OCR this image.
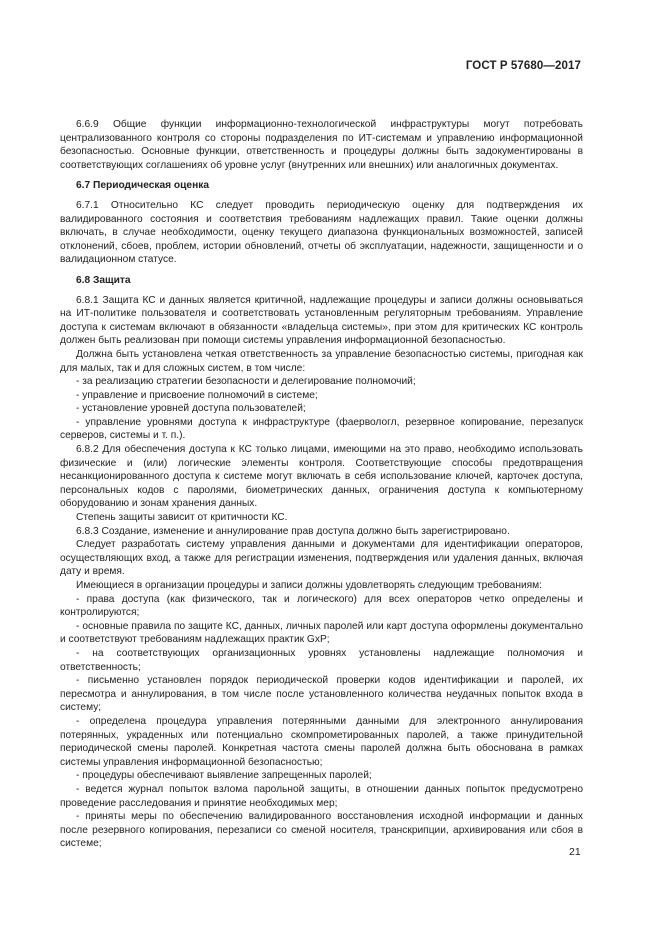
ГОСТ Р 57680—2017

6.6.9 Общие функции информационно-технологической инфраструктуры могут потребовать централизованного контроля со стороны подразделения по ИТ-системам и управлению информационной безопасностью. Основные функции, ответственность и процедуры должны быть задокументированы в соответствующих соглашениях об уровне услуг (внутренних или внешних) или аналогичных документах.

6.7 Периодическая оценка

6.7.1 Относительно КС следует проводить периодическую оценку для подтверждения их валидированного состояния и соответствия требованиям надлежащих правил. Такие оценки должны включать, в случае необходимости, оценку текущего диапазона функциональных возможностей, записей отклонений, сбоев, проблем, истории обновлений, отчеты об эксплуатации, надежности, защищенности и о валидационном статусе.

6.8 Защита

6.8.1 Защита КС и данных является критичной, надлежащие процедуры и записи должны основываться на ИТ-политике пользователя и соответствовать установленным регуляторным требованиям. Управление доступа к системам включают в обязанности «владельца системы», при этом для критических КС контроль должен быть реализован при помощи системы управления информационной безопасностью.

Должна быть установлена четкая ответственность за управление безопасностью системы, пригодная как для малых, так и для сложных систем, в том числе:

- за реализацию стратегии безопасности и делегирование полномочий;

- управление и присвоение полномочий в системе;

- установление уровней доступа пользователей;

- управление уровнями доступа к инфраструктуре (фаервологл, резервное копирование, перезапуск серверов, системы и т. п.).

6.8.2 Для обеспечения доступа к КС только лицами, имеющими на это право, необходимо использовать физические и (или) логические элементы контроля. Соответствующие способы предотвращения несанкционированного доступа к системе могут включать в себя использование ключей, карточек доступа, персональных кодов с паролями, биометрических данных, ограничения доступа к компьютерному оборудованию и зонам хранения данных.

Степень защиты зависит от критичности КС.

6.8.3 Создание, изменение и аннулирование прав доступа должно быть зарегистрировано.

Следует разработать систему управления данными и документами для идентификации операторов, осуществляющих вход, а также для регистрации изменения, подтверждения или удаления данных, включая дату и время.

Имеющиеся в организации процедуры и записи должны удовлетворять следующим требованиям:

- права доступа (как физического, так и логического) для всех операторов четко определены и контролируются;

- основные правила по защите КС, данных, личных паролей или карт доступа оформлены документально и соответствуют требованиям надлежащих практик GxP;

- на соответствующих организационных уровнях установлены надлежащие полномочия и ответственность;

- письменно установлен порядок периодической проверки кодов идентификации и паролей, их пересмотра и аннулирования, в том числе после установленного количества неудачных попыток входа в систему;

- определена процедура управления потерянными данными для электронного аннулирования потерянных, украденных или потенциально скомпрометированных паролей, а также принудительной периодической смены паролей. Конкретная частота смены паролей должна быть обоснована в рамках системы управления информационной безопасностью;

- процедуры обеспечивают выявление запрещенных паролей;

- ведется журнал попыток взлома парольной защиты, в отношении данных попыток предусмотрено проведение расследования и принятие необходимых мер;

- приняты меры по обеспечению валидированного восстановления исходной информации и данных после резервного копирования, перезаписи со сменой носителя, транскрипции, архивирования или сбоя в системе;

21
